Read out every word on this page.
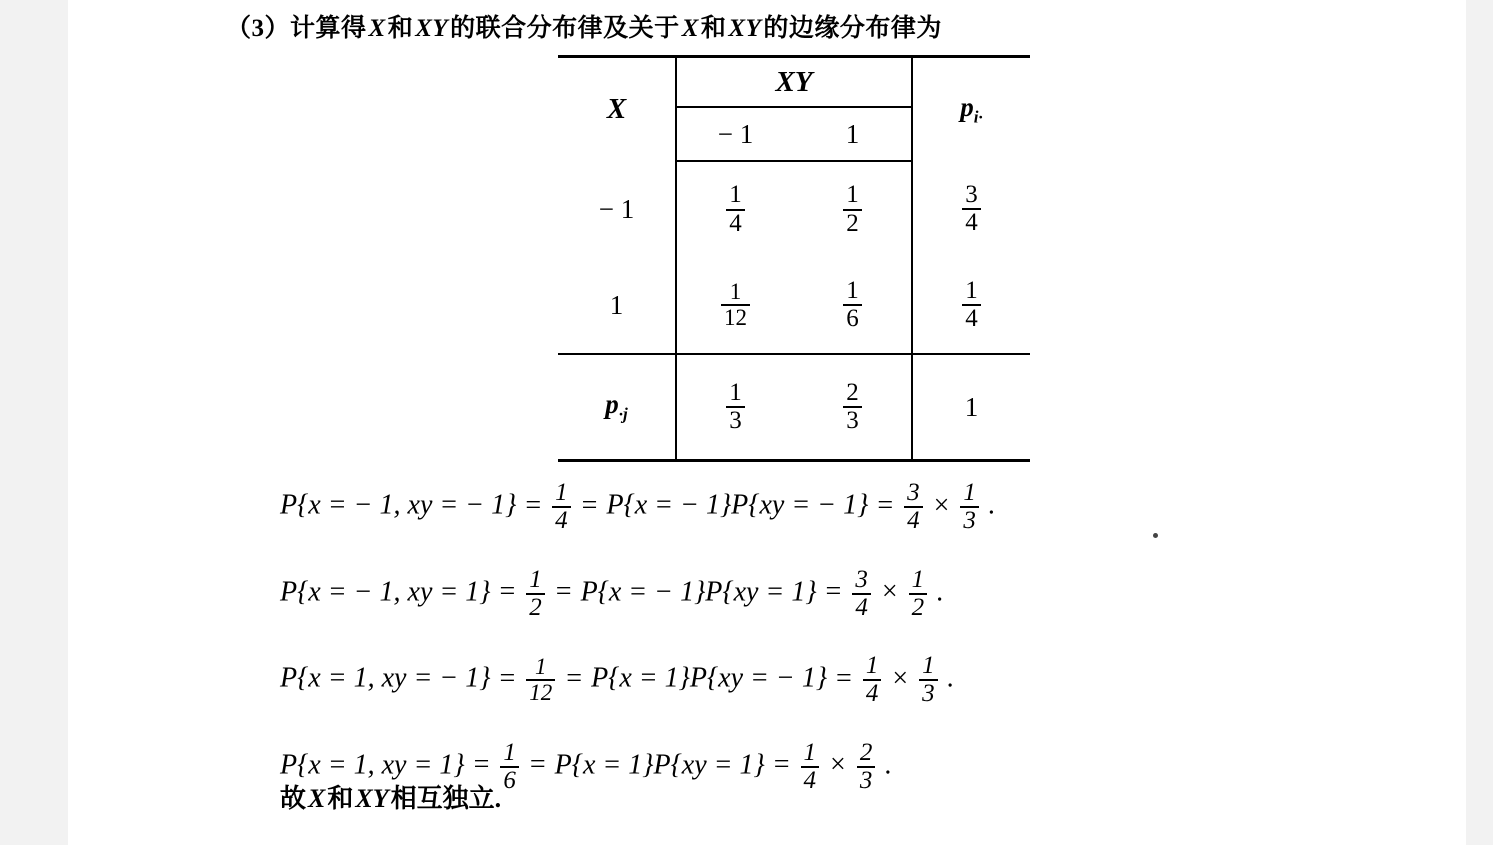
（3）计算得X和XY的联合分布律及关于X和XY的边缘分布律为
X	XY		$p_{i\cdot}$
	− 1	1	
− 1	$\frac{1}{4}$	$\frac{1}{2}$	$\frac{3}{4}$

1	$\frac{1}{12}$	$\frac{1}{6}$	$\frac{1}{4}$

$p_{\cdot j}$	$\frac{1}{3}$	$\frac{2}{3}$	1
P{x = − 1, xy = − $1\} = \frac{1}{4} = P\{x$ = − 1}P{xy = − $1\} = \frac{3}{4} \times \frac{1}{3}$ .
P{x = − 1, xy = $1\} = \frac{1}{2} = P\{x$ = − $1\}P\{xy = 1\} = \frac{3}{4} \times \frac{1}{2}$ .
P{x = 1, xy = − $1\} = \frac{1}{12} = P\{x = 1\}P\{xy$ = − $1\} = \frac{1}{4} \times \frac{1}{3}$ .
P{x = 1, xy = $1\} = \frac{1}{6} = P\{x = 1\}P\{xy = 1\} = \frac{1}{4} \times \frac{2}{3}$ .
故X和XY相互独立.
